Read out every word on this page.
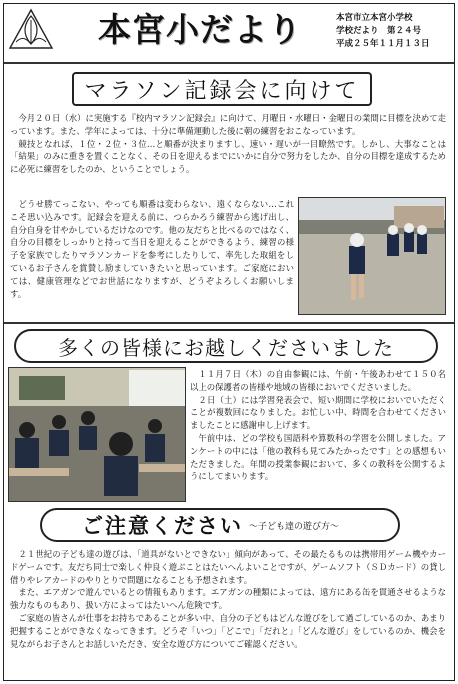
本宮小だより	本宮市立本宮小学校
学校だより　第２４号
平成２５年１１月１３日
マラソン記録会に向けて

今月２０日（水）に実施する『校内マラソン記録会』に向けて、月曜日・水曜日・金曜日の業間に目標を決めて走っています。また、学年によっては、十分に準備運動した後に朝の練習をおこなっています。

競技となれば、１位・２位・３位…と順番が決まりますし、速い・遅いが一目瞭然です。しかし、大事なことは「結果」のみに重きを置くことなく、その日を迎えるまでにいかに自分で努力をしたか、自分の目標を達成するために必死に練習をしたのか、ということでしょう。

どうせ勝てっこない、やっても順番は変わらない、遠くならない…これこそ思い込みです。記録会を迎える前に、つらかろう練習から逃げ出し、自分自身を甘やかしているだけなのです。他の友だちと比べるのではなく、自分の目標をしっかりと持って当日を迎えることができるよう、練習の様子を家族でしたりマラソンカードを参考にしたりして、率先した取組をしているお子さんを賞賛し励ましていきたいと思っています。ご家庭においては、健康管理などでお世話になりますが、どうぞよろしくお願いします。

多くの皆様にお越しくださいました

１１月７日（木）の自由参観には、午前・午後あわせて１５０名以上の保護者の皆様や地域の皆様においでくださいました。

２日（土）には学習発表会で、短い期間に学校においでいただくことが複数回になりました。お忙しい中、時間を合わせてくださいましたことに感謝申し上げます。

午前中は、どの学校も国語科や算数科の学習を公開しました。アンケートの中には「他の教科も見てみたかったです」との感想もいただきました。年間の授業参観において、多くの教科を公開するようにしてまいります。

ご注意ください 〜子ども達の遊び方〜

２１世紀の子ども達の遊びは、「道具がないとできない」傾向があって、その最たるものは携帯用ゲーム機やカードゲームです。友だち同士で楽しく仲良く遊ぶことはたいへんよいことですが、ゲームソフト（ＳＤカード）の貸し借りやレアカードのやりとりで問題になることも予想されます。

また、エアガンで遊んでいるとの情報もあります。エアガンの種類によっては、遠方にある缶を貫通させるような強力なものもあり、扱い方によってはたいへん危険です。

ご家庭の皆さんが仕事をお持ちであることが多い中、自分の子どもはどんな遊びをして過ごしているのか、あまり把握することができなくなってきます。どうぞ「いつ」「どこで」「だれと」「どんな遊び」をしているのか、機会を見ながらお子さんとお話しいただき、安全な遊び方についてご確認ください。
